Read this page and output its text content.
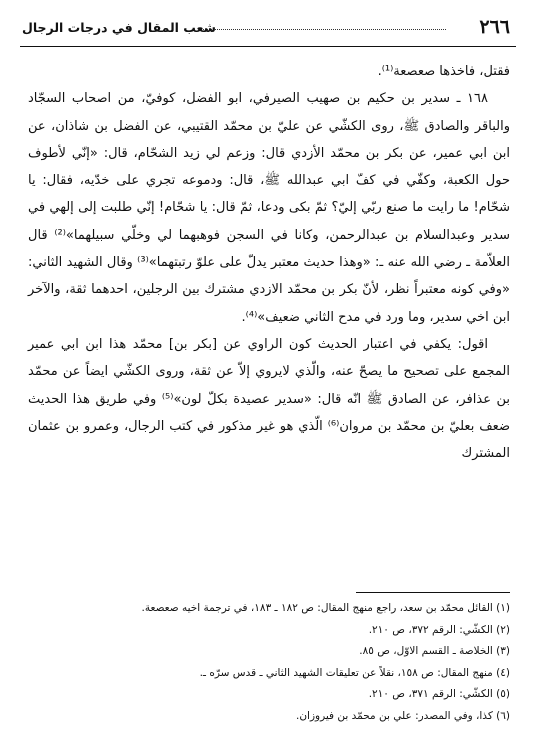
٢٦٦
شعب المقال في درجات الرجال

فقتل، فاخذها صعصعة⁽¹⁾.

١٦٨ ـ سدير بن حكيم بن صهيب الصيرفي، ابو الفضل، كوفيّ، من اصحاب السجّاد والباقر والصادق ﷺ، روى الكشّي عن عليّ بن محمّد القتيبي، عن الفضل بن شاذان، عن ابن ابي عمير، عن بكر بن محمّد الأزدي قال: وزعم لي زيد الشحّام، قال: «إنّي لأطوف حول الكعبة، وكفّي في كفّ ابي عبدالله ﷺ، قال: ودموعه تجري على خدّيه، فقال: يا شحّام! ما رايت ما صنع ربّي إليّ؟ ثمّ بكى ودعا، ثمّ قال: يا شحّام! إنّي طلبت إلى إلهي في سدير وعبدالسلام بن عبدالرحمن، وكانا في السجن فوهبهما لي وخلّي سبيلهما»⁽²⁾ قال العلاّمة ـ رضي الله عنه ـ: «وهذا حديث معتبر يدلّ على علوّ رتبتهما»⁽³⁾ وقال الشهيد الثاني: «وفي كونه معتبراً نظر، لأنّ بكر بن محمّد الازدي مشترك بين الرجلين، احدهما ثقة، والآخر ابن اخي سدير، وما ورد في مدح الثاني ضعيف»⁽⁴⁾.

اقول: يكفي في اعتبار الحديث كون الراوي عن [بكر بن] محمّد هذا ابن ابي عمير المجمع على تصحيح ما يصحّ عنه، والّذي لايروي إلاّ عن ثقة، وروى الكشّي ايضاً عن محمّد بن عذافر، عن الصادق ﷺ انّه قال: «سدير عصيدة بكلّ لون»⁽⁵⁾ وفي طريق هذا الحديث ضعف بعليّ بن محمّد بن مروان⁽⁶⁾ الّذي هو غير مذكور في كتب الرجال، وعمرو بن عثمان المشترك

(١) القائل محمّد بن سعد، راجع منهج المقال: ص ١٨٢ ـ ١٨٣، في ترجمة اخيه صعصعة.

(٢) الكشّي: الرقم ٣٧٢، ص ٢١٠.

(٣) الخلاصة ـ القسم الاوّل، ص ٨٥.

(٤) منهج المقال: ص ١٥٨، نقلاً عن تعليقات الشهيد الثاني ـ قدس سرّه ـ.

(٥) الكشّي: الرقم ٣٧١، ص ٢١٠.

(٦) كذا، وفي المصدر: علي بن محمّد بن فيروزان.
